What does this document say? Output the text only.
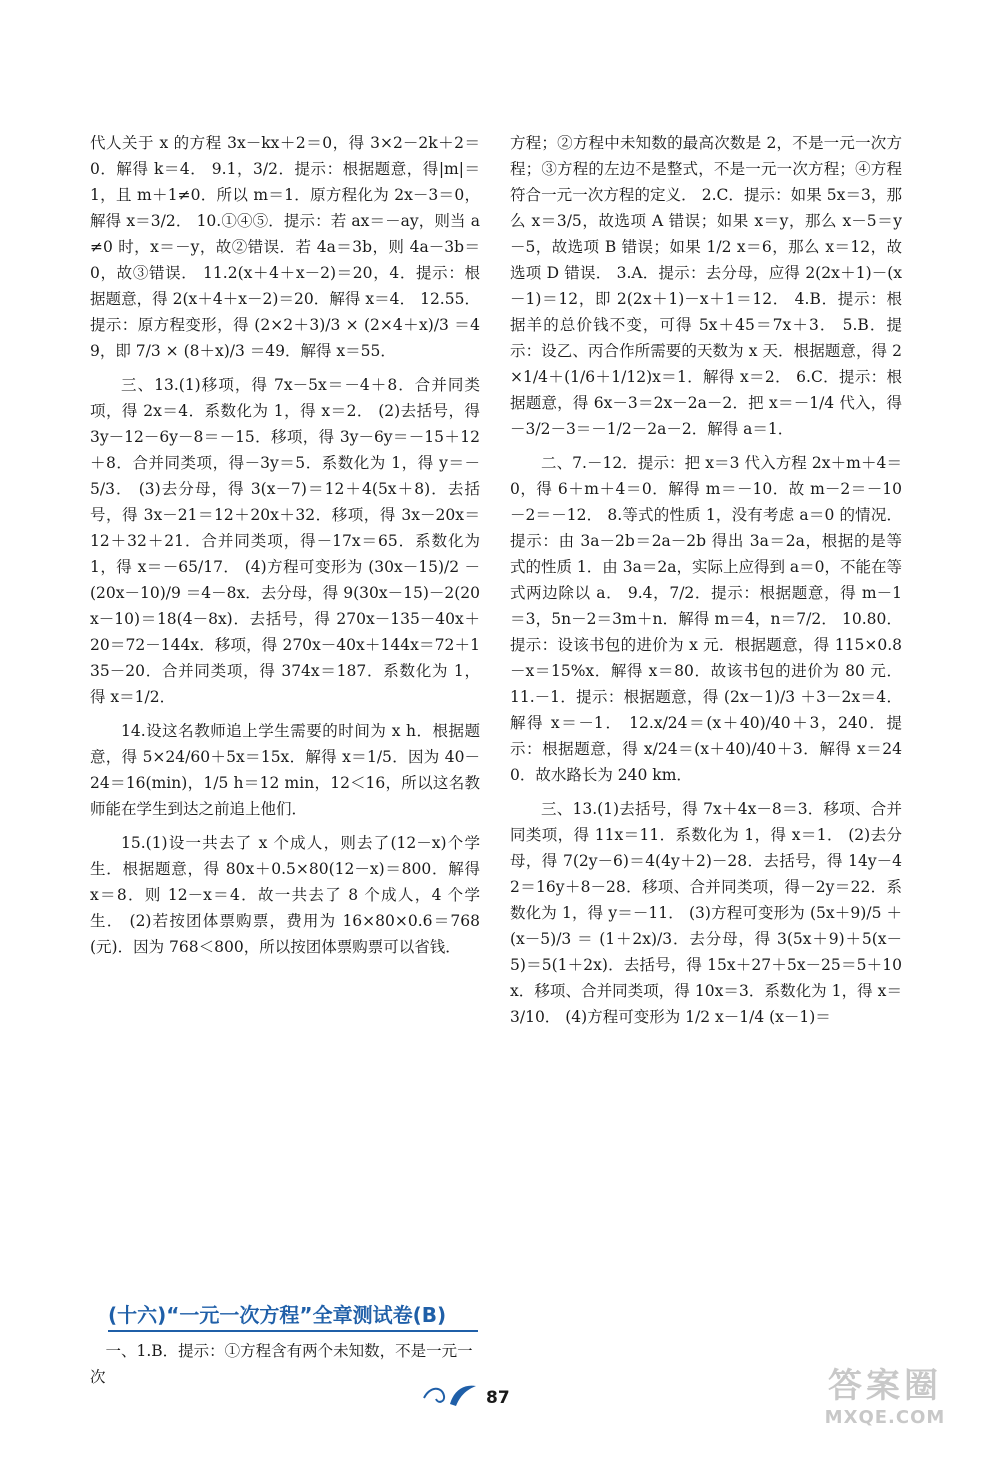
代人关于 x 的方程 3x－kx＋2＝0，得 3×2－2k＋2＝0．解得 k＝4． 9.1，3/2．提示：根据题意，得|m|＝1，且 m＋1≠0．所以 m＝1．原方程化为 2x－3＝0，解得 x＝3/2． 10.①④⑤．提示：若 ax＝－ay，则当 a≠0 时，x＝－y，故②错误．若 4a＝3b，则 4a－3b＝0，故③错误． 11.2(x＋4＋x－2)＝20，4．提示：根据题意，得 2(x＋4＋x－2)＝20．解得 x＝4． 12.55．提示：原方程变形，得 (2×2＋3)/3 × (2×4＋x)/3 ＝49，即 7/3 × (8＋x)/3 ＝49．解得 x＝55．

三、13.(1)移项，得 7x－5x＝－4＋8．合并同类项，得 2x＝4．系数化为 1，得 x＝2． (2)去括号，得 3y－12－6y－8＝－15．移项，得 3y－6y＝－15＋12＋8．合并同类项，得－3y＝5．系数化为 1，得 y＝－5/3． (3)去分母，得 3(x－7)＝12＋4(5x＋8)．去括号，得 3x－21＝12＋20x＋32．移项，得 3x－20x＝12＋32＋21．合并同类项，得－17x＝65．系数化为 1，得 x＝－65/17． (4)方程可变形为 (30x－15)/2 － (20x－10)/9 ＝4－8x．去分母，得 9(30x－15)－2(20x－10)＝18(4－8x)．去括号，得 270x－135－40x＋20＝72－144x．移项，得 270x－40x＋144x＝72＋135－20．合并同类项，得 374x＝187．系数化为 1，得 x＝1/2．

14.设这名教师追上学生需要的时间为 x h．根据题意，得 5×24/60＋5x＝15x．解得 x＝1/5．因为 40－24＝16(min)，1/5 h＝12 min，12＜16，所以这名教师能在学生到达之前追上他们．

15.(1)设一共去了 x 个成人，则去了(12－x)个学生．根据题意，得 80x＋0.5×80(12－x)＝800．解得 x＝8．则 12－x＝4．故一共去了 8 个成人，4 个学生． (2)若按团体票购票，费用为 16×80×0.6＝768(元)．因为 768＜800，所以按团体票购票可以省钱．

(十六)“一元一次方程”全章测试卷(B)

一、1.B．提示：①方程含有两个未知数，不是一元一次

方程；②方程中未知数的最高次数是 2，不是一元一次方程；③方程的左边不是整式，不是一元一次方程；④方程符合一元一次方程的定义． 2.C．提示：如果 5x＝3，那么 x＝3/5，故选项 A 错误；如果 x＝y，那么 x－5＝y－5，故选项 B 错误；如果 1/2 x＝6，那么 x＝12，故选项 D 错误． 3.A．提示：去分母，应得 2(2x＋1)－(x－1)＝12，即 2(2x＋1)－x＋1＝12． 4.B．提示：根据羊的总价钱不变，可得 5x＋45＝7x＋3． 5.B．提示：设乙、丙合作所需要的天数为 x 天．根据题意，得 2×1/4＋(1/6＋1/12)x＝1．解得 x＝2． 6.C．提示：根据题意，得 6x－3＝2x－2a－2．把 x＝－1/4 代入，得－3/2－3＝－1/2－2a－2．解得 a＝1．

二、7.－12．提示：把 x＝3 代入方程 2x＋m＋4＝0，得 6＋m＋4＝0．解得 m＝－10．故 m－2＝－10－2＝－12． 8.等式的性质 1，没有考虑 a＝0 的情况．提示：由 3a－2b＝2a－2b 得出 3a＝2a，根据的是等式的性质 1．由 3a＝2a，实际上应得到 a＝0，不能在等式两边除以 a． 9.4，7/2．提示：根据题意，得 m－1＝3，5n－2＝3m＋n．解得 m＝4，n＝7/2． 10.80．提示：设该书包的进价为 x 元．根据题意，得 115×0.8－x＝15%x．解得 x＝80．故该书包的进价为 80 元． 11.－1．提示：根据题意，得 (2x－1)/3 ＋3－2x＝4．解得 x＝－1． 12.x/24＝(x＋40)/40＋3，240．提示：根据题意，得 x/24＝(x＋40)/40＋3．解得 x＝240．故水路长为 240 km．

三、13.(1)去括号，得 7x＋4x－8＝3．移项、合并同类项，得 11x＝11．系数化为 1，得 x＝1． (2)去分母，得 7(2y－6)＝4(4y＋2)－28．去括号，得 14y－42＝16y＋8－28．移项、合并同类项，得－2y＝22．系数化为 1，得 y＝－11． (3)方程可变形为 (5x＋9)/5 ＋ (x－5)/3 ＝ (1＋2x)/3．去分母，得 3(5x＋9)＋5(x－5)＝5(1＋2x)．去括号，得 15x＋27＋5x－25＝5＋10x．移项、合并同类项，得 10x＝3．系数化为 1，得 x＝3/10． (4)方程可变形为 1/2 x－1/4 (x－1)＝

87	答案圈
MXQE.COM
